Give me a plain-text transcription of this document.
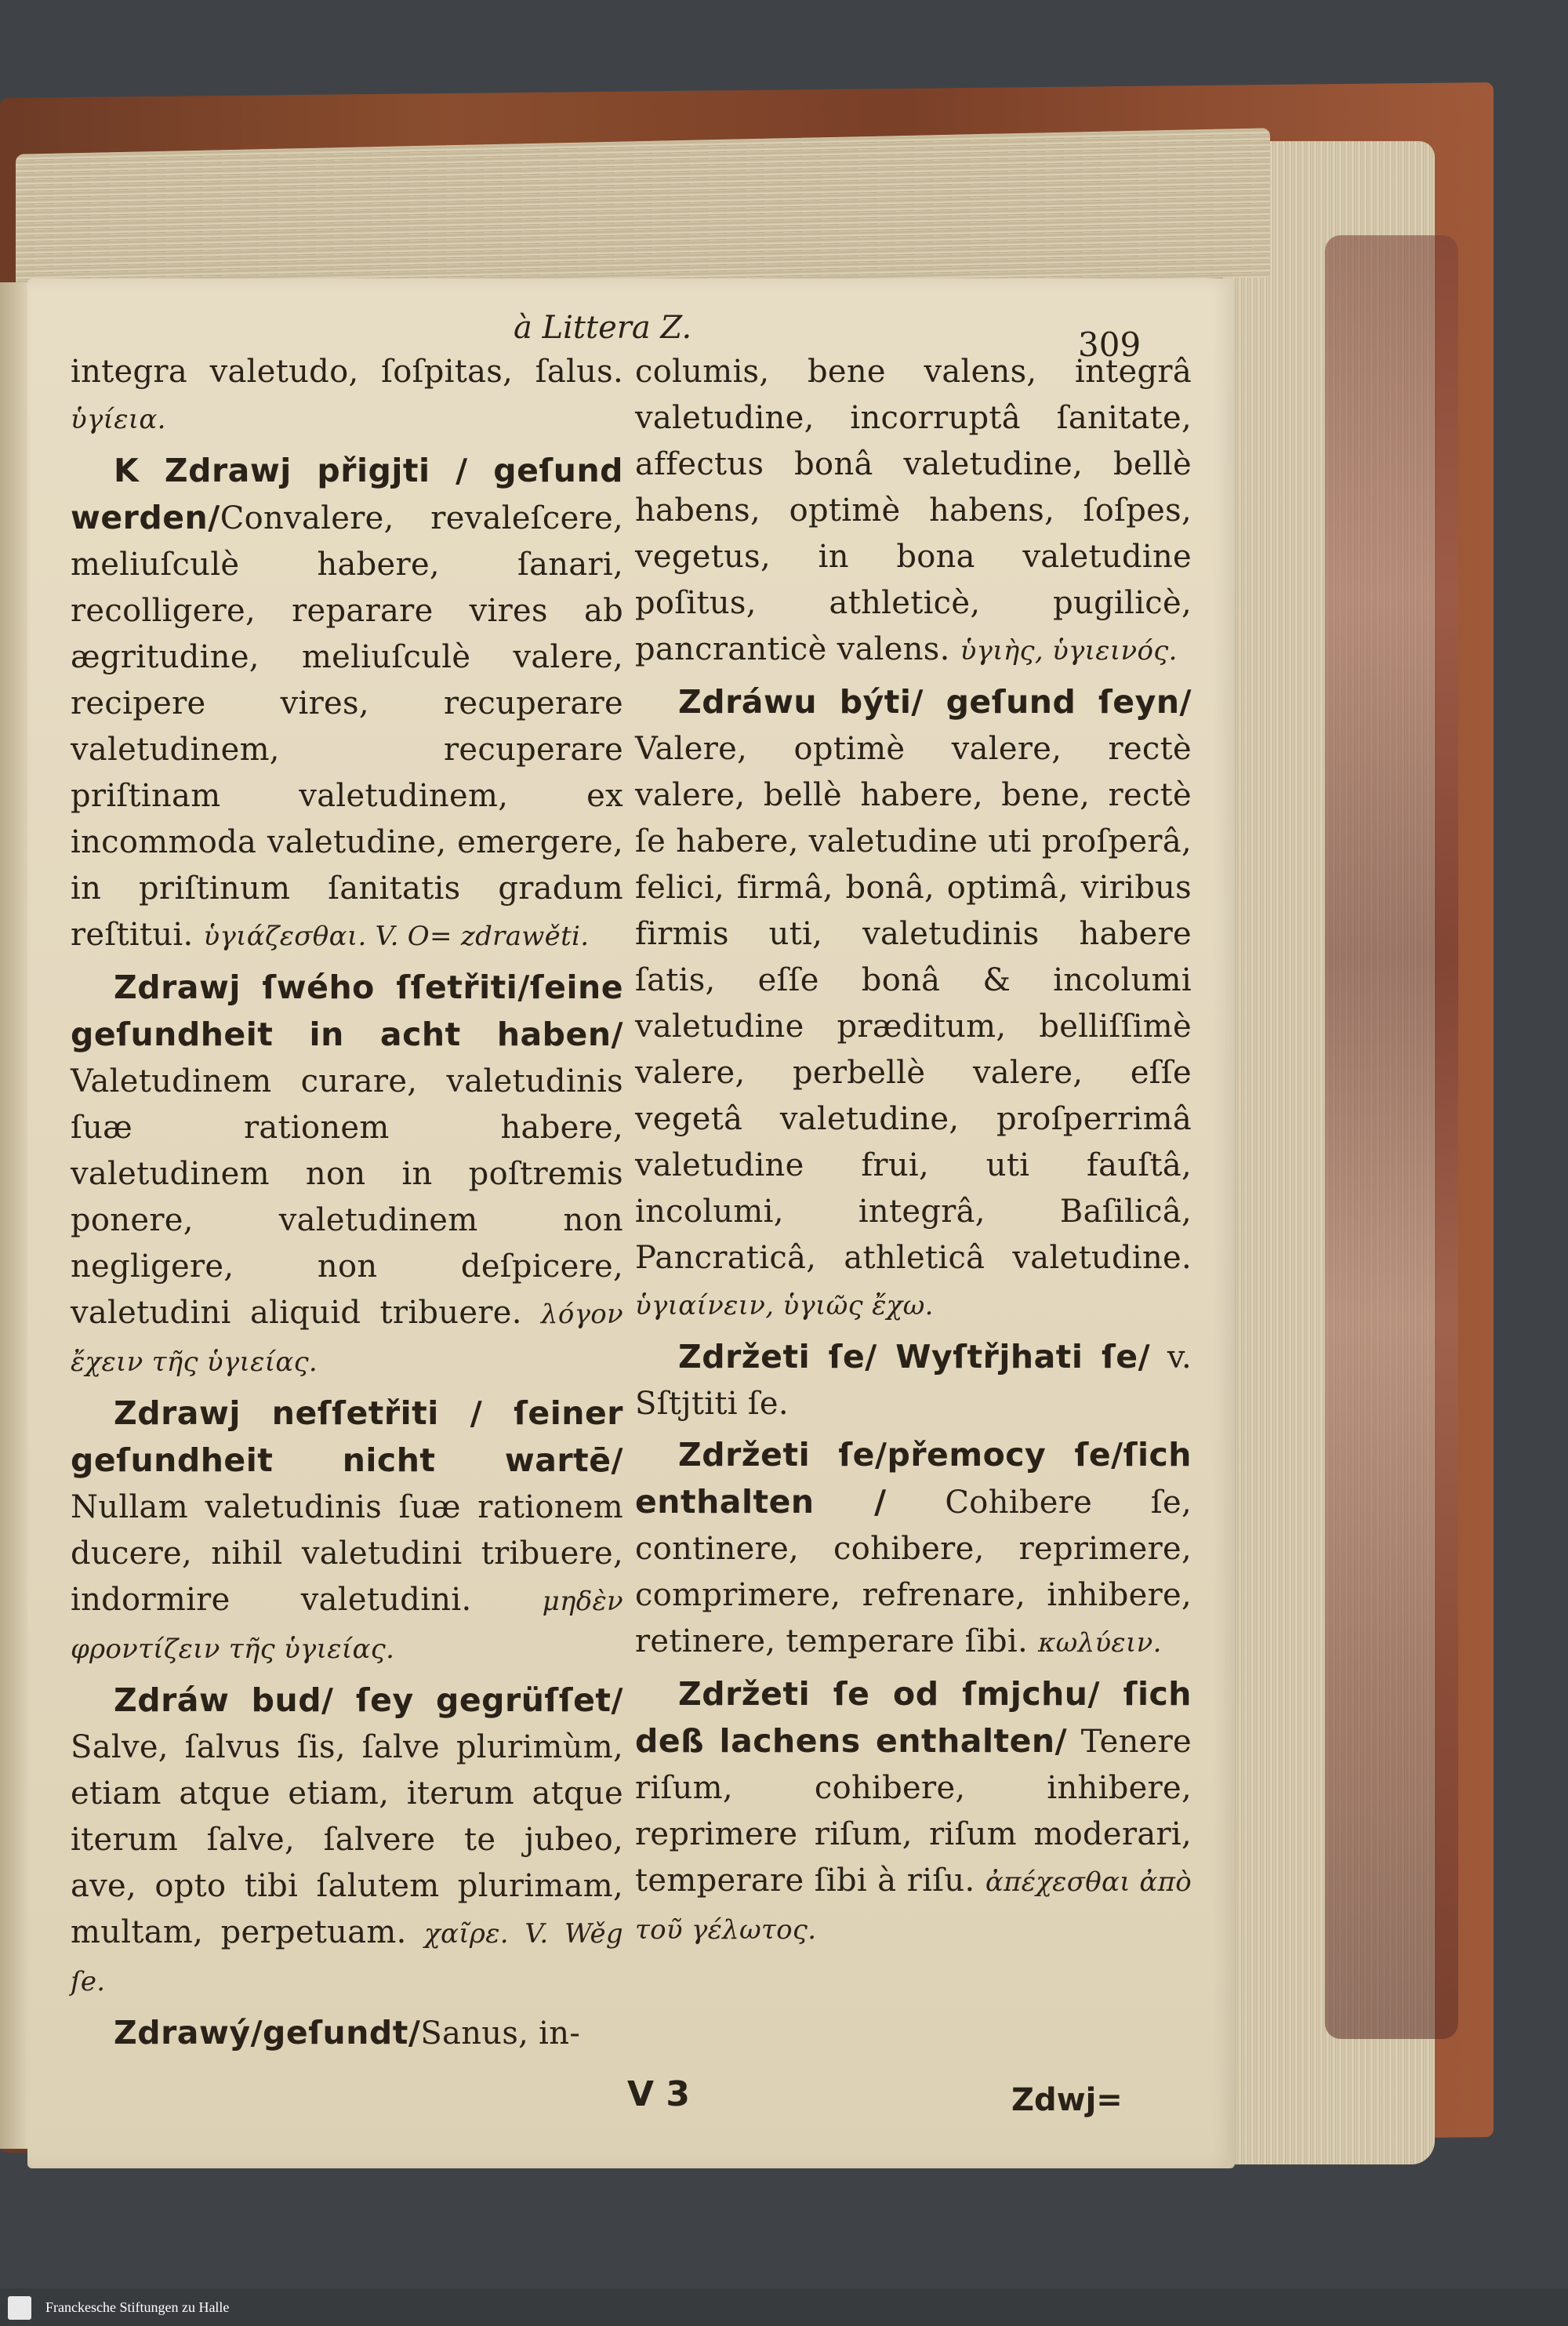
à Littera Z.	309

integra valetudo, ſoſpitas, ſalus. ὑγίεια.

K Zdrawj přigjti / geſund werden/Convalere, revaleſcere, meliuſculè habere, ſanari, recolligere, reparare vires ab ægritudine, meliuſculè valere, recipere vires, recuperare valetudinem, recuperare priſtinam valetudinem, ex incommoda valetudine, emergere, in priſtinum ſanitatis gradum reſtitui. ὑγιάζεσθαι. V. O= zdrawěti.

Zdrawj ſwého ſſetřiti/ſeine geſundheit in acht haben/ Valetudinem curare, valetudinis ſuæ rationem habere, valetudinem non in poſtremis ponere, valetudinem non negligere, non deſpicere, valetudini aliquid tribuere. λόγον ἔχειν τῆς ὑγιείας.

Zdrawj neſſetřiti / ſeiner geſundheit nicht wartē/ Nullam valetudinis ſuæ rationem ducere, nihil valetudini tribuere, indormire valetudini.	μηδὲν φροντίζειν τῆς ὑγιείας.

Zdráw bud/ ſey gegrüſſet/ Salve, ſalvus ſis, ſalve plurimùm, etiam atque etiam, iterum atque iterum ſalve, ſalvere te jubeo, ave, opto tibi ſalutem plurimam, multam, perpetuam. χαῖρε. V. Wěg ſe.

Zdrawý/geſundt/Sanus, in-

columis, bene valens, integrâ valetudine, incorruptâ ſanitate, affectus bonâ valetudine, bellè habens, optimè habens, ſoſpes, vegetus, in bona valetudine poſitus, athleticè, pugilicè, pancranticè valens. ὑγιὴς, ὑγιεινός.

Zdráwu býti/ geſund ſeyn/ Valere, optimè valere, rectè valere, bellè habere, bene, rectè ſe habere, valetudine uti proſperâ, felici, firmâ, bonâ, optimâ, viribus firmis uti, valetudinis habere ſatis, eſſe bonâ & incolumi valetudine præditum, belliſſimè valere, perbellè valere, eſſe vegetâ valetudine, proſperrimâ valetudine frui, uti fauſtâ, incolumi, integrâ, Baſilicâ, Pancraticâ, athleticâ valetudine. ὑγιαίνειν, ὑγιῶς ἔχω.

Zdržeti ſe/ Wyſtřjhati ſe/ v. Sſtjtiti ſe.

Zdržeti ſe/přemocy ſe/ſich enthalten / Cohibere ſe, continere, cohibere, reprimere, comprimere, refrenare, inhibere, retinere, temperare ſibi. κωλύειν.

Zdržeti ſe od ſmjchu/ ſich deß lachens enthalten/ Tenere riſum, cohibere, inhibere, reprimere riſum, riſum moderari, temperare ſibi à riſu. ἀπέχεσθαι ἀπὸ τοῦ γέλωτος.

V 3	Zdwj=
Franckesche Stiftungen zu Halle
